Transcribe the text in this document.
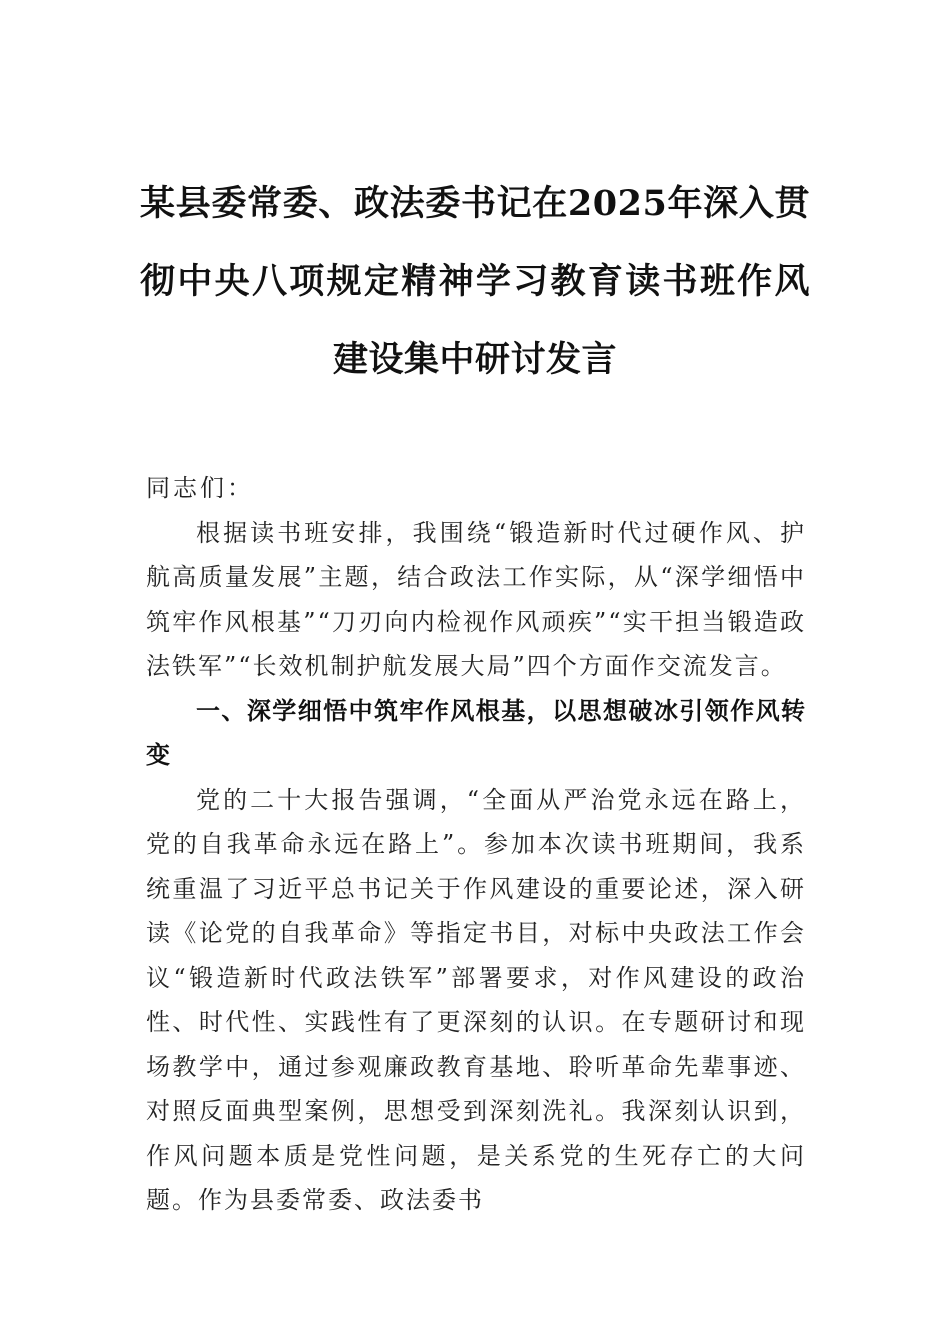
某县委常委、政法委书记在2025年深入贯彻中央八项规定精神学习教育读书班作风建设集中研讨发言

同志们：

根据读书班安排，我围绕“锻造新时代过硬作风、护航高质量发展”主题，结合政法工作实际，从“深学细悟中筑牢作风根基”“刀刃向内检视作风顽疾”“实干担当锻造政法铁军”“长效机制护航发展大局”四个方面作交流发言。

一、深学细悟中筑牢作风根基，以思想破冰引领作风转变

党的二十大报告强调，“全面从严治党永远在路上，党的自我革命永远在路上”。参加本次读书班期间，我系统重温了习近平总书记关于作风建设的重要论述，深入研读《论党的自我革命》等指定书目，对标中央政法工作会议“锻造新时代政法铁军”部署要求，对作风建设的政治性、时代性、实践性有了更深刻的认识。在专题研讨和现场教学中，通过参观廉政教育基地、聆听革命先辈事迹、对照反面典型案例，思想受到深刻洗礼。我深刻认识到，作风问题本质是党性问题，是关系党的生死存亡的大问题。作为县委常委、政法委书
